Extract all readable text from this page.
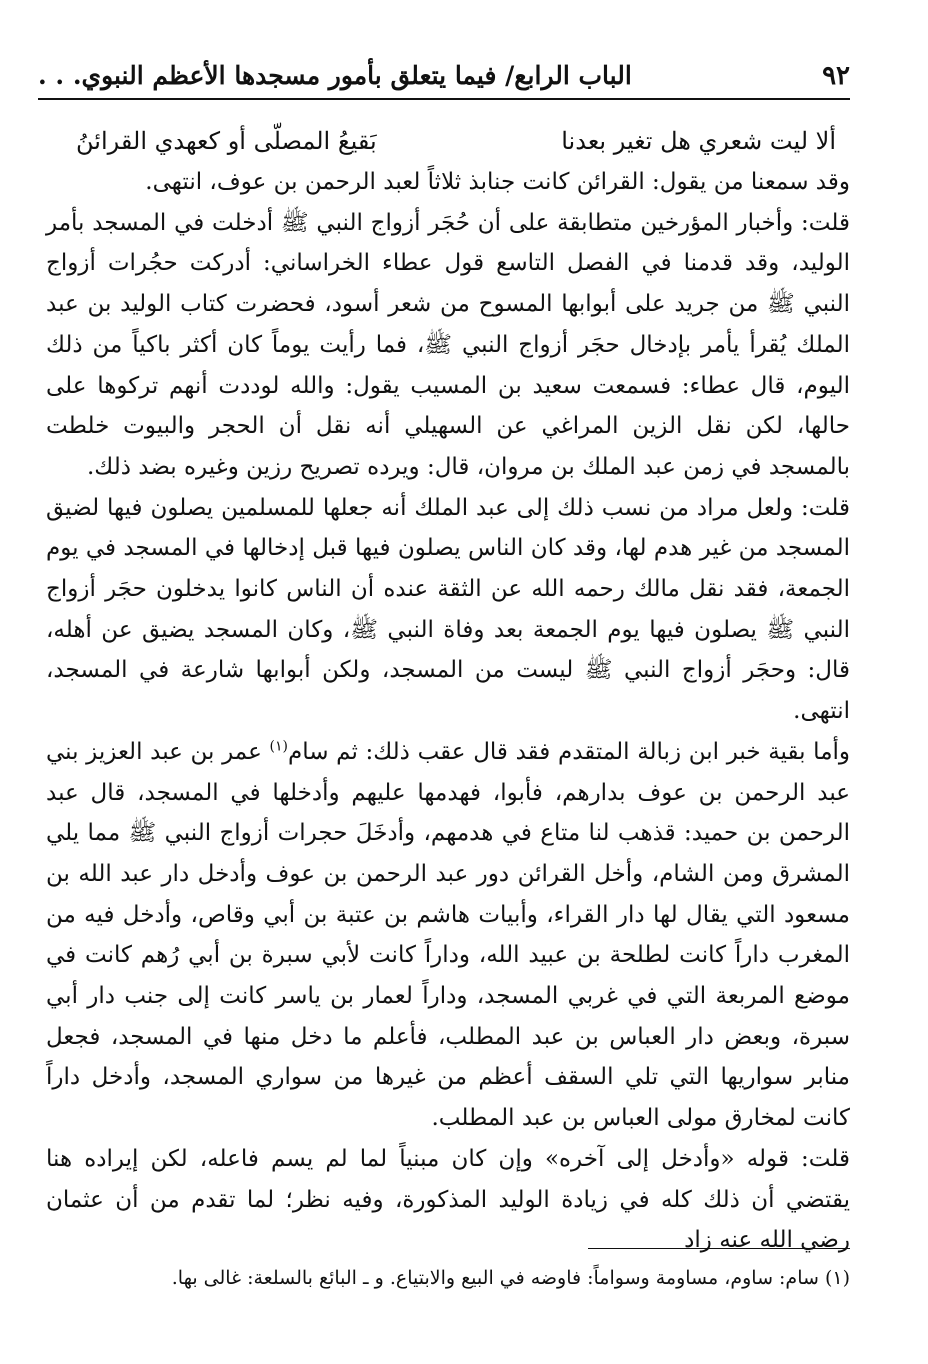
٩٢
الباب الرابع/ فيما يتعلق بأمور مسجدها الأعظم النبوي. . .
ألا ليت شعري هل تغير بعدنا
بَقيعُ المصلّى أو كعهدي القرائنُ

وقد سمعنا من يقول: القرائن كانت جنابذ ثلاثاً لعبد الرحمن بن عوف، انتهى.

قلت: وأخبار المؤرخين متطابقة على أن حُجَر أزواج النبي ﷺ أدخلت في المسجد بأمر الوليد، وقد قدمنا في الفصل التاسع قول عطاء الخراساني: أدركت حجُرات أزواج النبي ﷺ من جريد على أبوابها المسوح من شعر أسود، فحضرت كتاب الوليد بن عبد الملك يُقرأ يأمر بإدخال حجَر أزواج النبي ﷺ، فما رأيت يوماً كان أكثر باكياً من ذلك اليوم، قال عطاء: فسمعت سعيد بن المسيب يقول: والله لوددت أنهم تركوها على حالها، لكن نقل الزين المراغي عن السهيلي أنه نقل أن الحجر والبيوت خلطت بالمسجد في زمن عبد الملك بن مروان، قال: ويرده تصريح رزين وغيره بضد ذلك.

قلت: ولعل مراد من نسب ذلك إلى عبد الملك أنه جعلها للمسلمين يصلون فيها لضيق المسجد من غير هدم لها، وقد كان الناس يصلون فيها قبل إدخالها في المسجد في يوم الجمعة، فقد نقل مالك رحمه الله عن الثقة عنده أن الناس كانوا يدخلون حجَر أزواج النبي ﷺ يصلون فيها يوم الجمعة بعد وفاة النبي ﷺ، وكان المسجد يضيق عن أهله، قال: وحجَر أزواج النبي ﷺ ليست من المسجد، ولكن أبوابها شارعة في المسجد، انتهى.

وأما بقية خبر ابن زبالة المتقدم فقد قال عقب ذلك: ثم سام$^{(١)}$ عمر بن عبد العزيز بني عبد الرحمن بن عوف بدارهم، فأبوا، فهدمها عليهم وأدخلها في المسجد، قال عبد الرحمن بن حميد: قذهب لنا متاع في هدمهم، وأدخَلَ حجرات أزواج النبي ﷺ مما يلي المشرق ومن الشام، وأخل القرائن دور عبد الرحمن بن عوف وأدخل دار عبد الله بن مسعود التي يقال لها دار القراء، وأبيات هاشم بن عتبة بن أبي وقاص، وأدخل فيه من المغرب داراً كانت لطلحة بن عبيد الله، وداراً كانت لأبي سبرة بن أبي رُهم كانت في موضع المربعة التي في غربي المسجد، وداراً لعمار بن ياسر كانت إلى جنب دار أبي سبرة، وبعض دار العباس بن عبد المطلب، فأعلم ما دخل منها في المسجد، فجعل منابر سواريها التي تلي السقف أعظم من غيرها من سواري المسجد، وأدخل داراً كانت لمخارق مولى العباس بن عبد المطلب.

قلت: قوله «وأدخل إلى آخره» وإن كان مبنياً لما لم يسم فاعله، لكن إيراده هنا يقتضي أن ذلك كله في زيادة الوليد المذكورة، وفيه نظر؛ لما تقدم من أن عثمان رضي الله عنه زاد

(١) سام: ساوم، مساومة وسواماً: فاوضه في البيع والابتياع. و ـ البائع بالسلعة: غالى بها.
